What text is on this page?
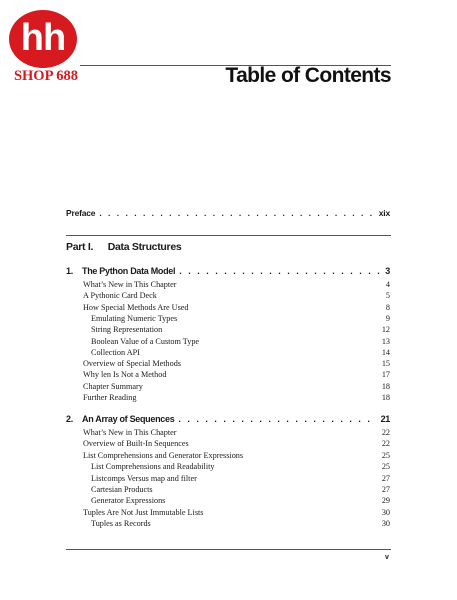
hh
SHOP 688	Table of Contents
Preface . . .	xix
Part I. Data Structures
1.	The Python Data Model . . .	3
What’s New in This Chapter	4
A Pythonic Card Deck	5
How Special Methods Are Used	8
Emulating Numeric Types	9
String Representation	12
Boolean Value of a Custom Type	13
Collection API	14
Overview of Special Methods	15
Why len Is Not a Method	17
Chapter Summary	18
Further Reading	18
2.	An Array of Sequences . . .	21
What’s New in This Chapter	22
Overview of Built-In Sequences	22
List Comprehensions and Generator Expressions	25
List Comprehensions and Readability	25
Listcomps Versus map and filter	27
Cartesian Products	27
Generator Expressions	29
Tuples Are Not Just Immutable Lists	30
Tuples as Records	30
v
